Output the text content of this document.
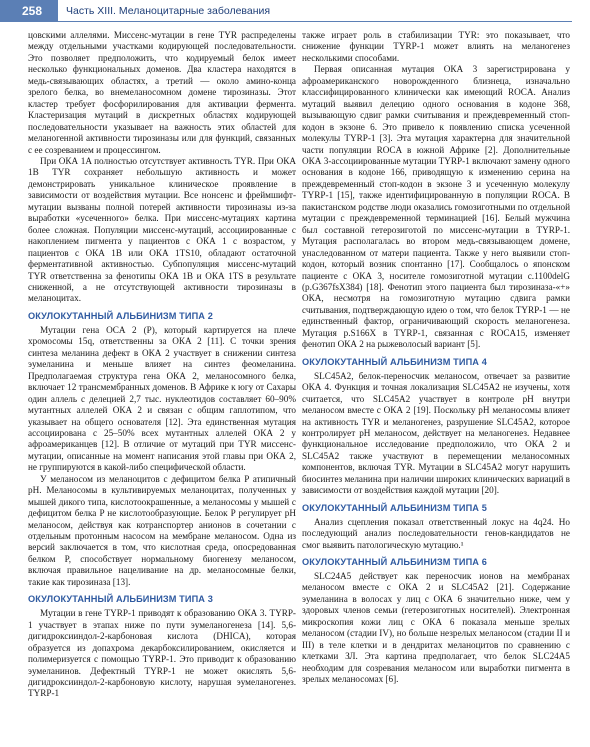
258	Часть XIII. Меланоцитарные заболевания

цовскими аллелями. Миссенс-мутации в гене TYR распределены между отдельными участками кодирующей последовательности. Это позволяет предположить, что кодируемый белок имеет несколько функциональных доменов. Два кластера находятся в медь-связывающих областях, а третий — около амино-конца зрелого белка, во внемеланосомном домене тирозиназы. Этот кластер требует фосфорилирования для активации фермента. Кластеризация мутаций в дискретных областях кодирующей последовательности указывает на важность этих областей для меланогенной активности тирозиназы или для функций, связанных с ее созреванием и процессингом.

При ОКА 1A полностью отсутствует активность TYR. При ОКА 1B TYR сохраняет небольшую активность и может демонстрировать уникальное клиническое проявление в зависимости от воздействия мутации. Все нонсенс и фреймшифт-мутации вызваны полной потерей активности тирозиназы из-за выработки «усеченного» белка. При миссенс-мутациях картина более сложная. Популяции миссенс-мутаций, ассоциированные с накоплением пигмента у пациентов с ОКА 1 с возрастом, у пациентов с ОКА 1B или ОКА 1TS10, обладают остаточной ферментативной активностью. Субпопуляция миссенс-мутаций TYR ответственна за фенотипы ОКА 1B и ОКА 1TS в результате сниженной, а не отсутствующей активности тирозиназы в меланоцитах.

ОКУЛОКУТАННЫЙ АЛЬБИНИЗМ ТИПА 2

Мутации гена OCA 2 (P), который картируется на плече хромосомы 15q, ответственны за ОКА 2 [11]. С точки зрения синтеза меланина дефект в ОКА 2 участвует в снижении синтеза эумеланина и меньше влияет на синтез феомеланина. Предполагаемая структура гена ОКА 2, меланосомного белка, включает 12 трансмембранных доменов. В Африке к югу от Сахары один аллель с делецией 2,7 тыс. нуклеотидов составляет 60–90% мутантных аллелей ОКА 2 и связан с общим гаплотипом, что указывает на общего основателя [12]. Эта единственная мутация ассоциирована с 25–50% всех мутантных аллелей ОКА 2 у афроамериканцев [12]. В отличие от мутаций при TYR миссенс-мутации, описанные на момент написания этой главы при ОКА 2, не группируются в какой-либо специфической области.

У меланосом из меланоцитов с дефицитом белка P атипичный pH. Меланосомы в культивируемых меланоцитах, полученных у мышей дикого типа, кислотоокрашенные, а меланосомы у мышей с дефицитом белка P не кислотообразующие. Белок P регулирует pH меланосом, действуя как котранспортер анионов в сочетании с отдельным протонным насосом на мембране меланосом. Одна из версий заключается в том, что кислотная среда, опосредованная белком P, способствует нормальному биогенезу меланосом, включая правильное нацеливание на др. меланосомные белки, такие как тирозиназа [13].

ОКУЛОКУТАННЫЙ АЛЬБИНИЗМ ТИПА 3

Мутации в гене TYRP-1 приводят к образованию ОКА 3. TYRP-1 участвует в этапах ниже по пути эумеланогенеза [14]. 5,6-дигидроксииндол-2-карбоновая кислота (DHICA), которая образуется из допахрома декарбоксилированием, окисляется и полимеризуется с помощью TYRP-1. Это приводит к образованию эумеланинов. Дефектный TYRP-1 не может окислять 5,6-дигидроксииндол-2-карбоновую кислоту, нарушая эумеланогенез. TYRP-1

также играет роль в стабилизации TYR: это показывает, что снижение функции TYRP-1 может влиять на меланогенез несколькими способами.

Первая описанная мутация ОКА 3 зарегистрирована у афроамериканского новорожденного близнеца, изначально классифицированного клинически как имеющий ROCA. Анализ мутаций выявил делецию одного основания в кодоне 368, вызывающую сдвиг рамки считывания и преждевременный стоп-кодон в экзоне 6. Это привело к появлению списка усеченной молекулы TYRP-1 [3]. Эта мутация характерна для значительной части популяции ROCA в южной Африке [2]. Дополнительные ОКА 3-ассоциированные мутации TYRP-1 включают замену одного основания в кодоне 166, приводящую к изменению серина на преждевременный стоп-кодон в экзоне 3 и усеченную молекулу TYRP-1 [15], также идентифицированную в популяции ROCA. В пакистанском родстве люди оказались гомозиготными по отдельной мутации с преждевременной терминацией [16]. Белый мужчина был составной гетерозиготой по миссенс-мутации в TYRP-1. Мутация располагалась во втором медь-связывающем домене, унаследованном от матери пациента. Также у него выявили стоп-кодон, который возник спонтанно [17]. Сообщалось о японском пациенте с ОКА 3, носителе гомозиготной мутации c.1100delG (p.G367fsX384) [18]. Фенотип этого пациента был тирозиназа-«+» ОКА, несмотря на гомозиготную мутацию сдвига рамки считывания, подтверждающую идею о том, что белок TYRP-1 — не единственный фактор, ограничивающий скорость меланогенеза. Мутация p.S166X в TYRP-1, связанная с ROCA15, изменяет фенотип ОКА 2 на рыжеволосый вариант [5].

ОКУЛОКУТАННЫЙ АЛЬБИНИЗМ ТИПА 4

SLC45A2, белок-переносчик меланосом, отвечает за развитие ОКА 4. Функция и точная локализация SLC45A2 не изучены, хотя считается, что SLC45A2 участвует в контроле pH внутри меланосом вместе с ОКА 2 [19]. Поскольку pH меланосомы влияет на активность TYR и меланогенез, разрушение SLC45A2, которое контролирует pH меланосом, действует на меланогенез. Недавнее функциональное исследование предположило, что ОКА 2 и SLC45A2 также участвуют в перемещении меланосомных компонентов, включая TYR. Мутации в SLC45A2 могут нарушить биосинтез меланина при наличии широких клинических вариаций в зависимости от воздействия каждой мутации [20].

ОКУЛОКУТАННЫЙ АЛЬБИНИЗМ ТИПА 5

Анализ сцепления показал ответственный локус на 4q24. Но последующий анализ последовательности генов-кандидатов не смог выявить патологическую мутацию.¹

ОКУЛОКУТАННЫЙ АЛЬБИНИЗМ ТИПА 6

SLC24A5 действует как переносчик ионов на мембранах меланосом вместе с ОКА 2 и SLC45A2 [21]. Содержание эумеланина в волосах у лиц с ОКА 6 значительно ниже, чем у здоровых членов семьи (гетерозиготных носителей). Электронная микроскопия кожи лиц с ОКА 6 показала меньше зрелых меланосом (стадии IV), но больше незрелых меланосом (стадии II и III) в теле клетки и в дендритах меланоцитов по сравнению с клетками ЗЛ. Эта картина предполагает, что белок SLC24A5 необходим для созревания меланосом или выработки пигмента в зрелых меланосомах [6].
